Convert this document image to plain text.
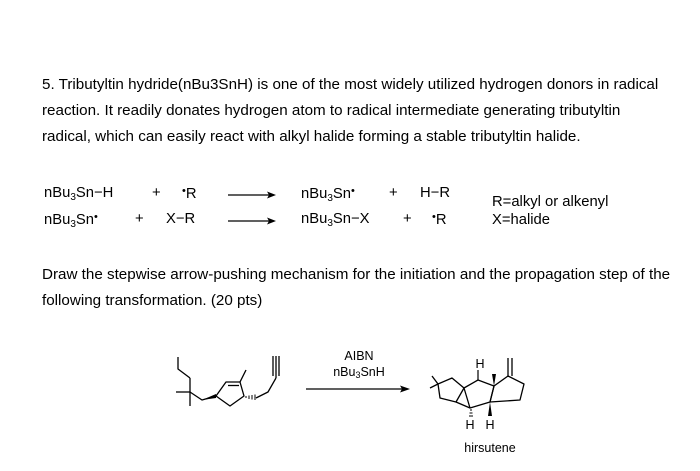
5. Tributyltin hydride(nBu3SnH) is one of the most widely utilized hydrogen donors in radical reaction. It readily donates hydrogen atom to radical intermediate generating tributyltin radical, which can easily react with alkyl halide forming a stable tributyltin halide.
nBu$_3$Sn−H	+ •R	nBu$_3$Sn• + H−R
nBu$_3$Sn•	+ X−R	nBu$_3$Sn−X + •R
R=alkyl or alkenyl
X=halide
Draw the stepwise arrow-pushing mechanism for the initiation and the propagation step of the following transformation. (20 pts)
AIBN
nBu$_3$SnH
H
H H
hirsutene
